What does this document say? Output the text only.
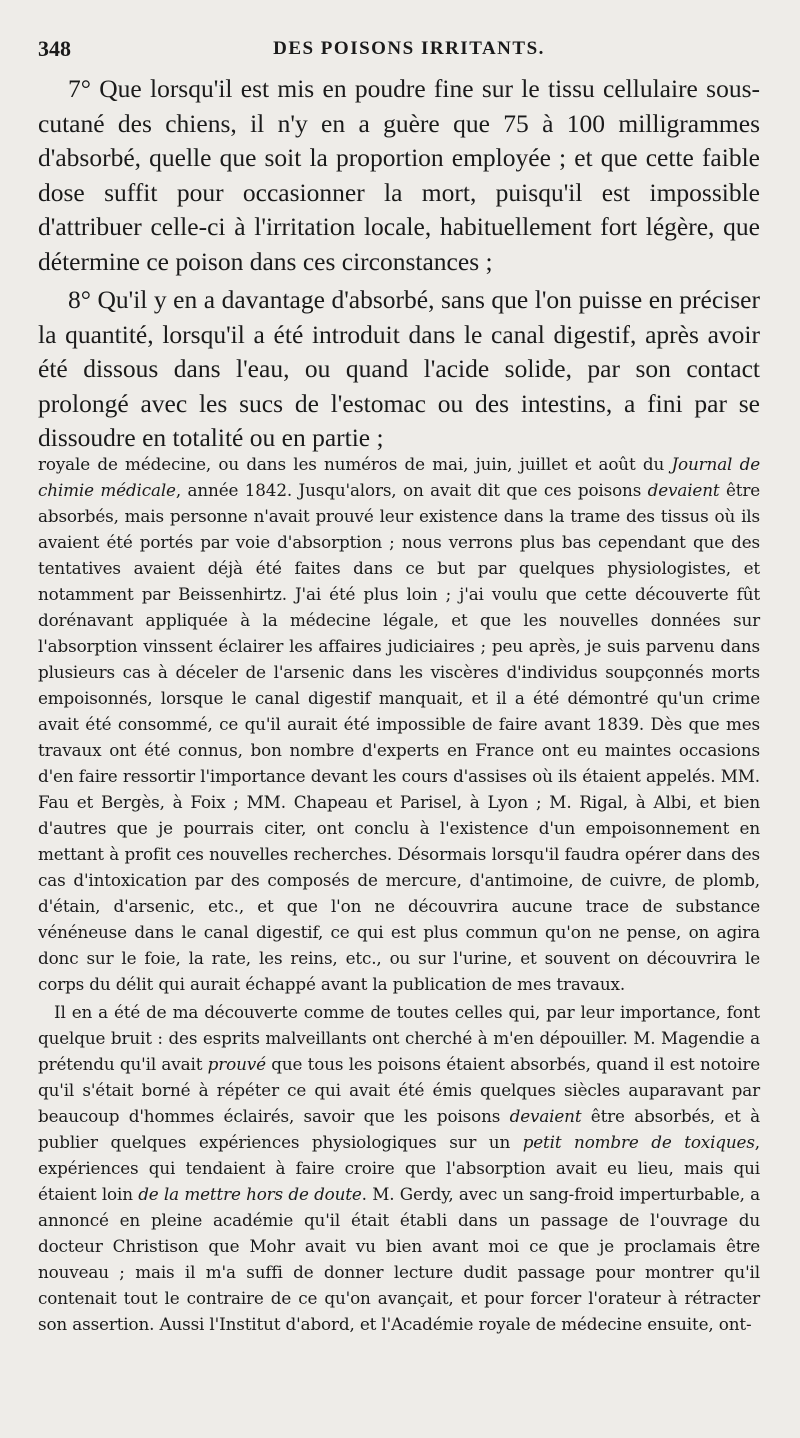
348	DES POISONS IRRITANTS.

7° Que lorsqu'il est mis en poudre fine sur le tissu cellulaire sous-cutané des chiens, il n'y en a guère que 75 à 100 milligrammes d'absorbé, quelle que soit la proportion employée ; et que cette faible dose suffit pour occasionner la mort, puisqu'il est impossible d'attribuer celle-ci à l'irritation locale, habituellement fort légère, que détermine ce poison dans ces circonstances ;

8° Qu'il y en a davantage d'absorbé, sans que l'on puisse en préciser la quantité, lorsqu'il a été introduit dans le canal digestif, après avoir été dissous dans l'eau, ou quand l'acide solide, par son contact prolongé avec les sucs de l'estomac ou des intestins, a fini par se dissoudre en totalité ou en partie ;

royale de médecine, ou dans les numéros de mai, juin, juillet et août du Journal de chimie médicale, année 1842. Jusqu'alors, on avait dit que ces poisons devaient être absorbés, mais personne n'avait prouvé leur existence dans la trame des tissus où ils avaient été portés par voie d'absorption ; nous verrons plus bas cependant que des tentatives avaient déjà été faites dans ce but par quelques physiologistes, et notamment par Beissenhirtz. J'ai été plus loin ; j'ai voulu que cette découverte fût dorénavant appliquée à la médecine légale, et que les nouvelles données sur l'absorption vinssent éclairer les affaires judiciaires ; peu après, je suis parvenu dans plusieurs cas à déceler de l'arsenic dans les viscères d'individus soupçonnés morts empoisonnés, lorsque le canal digestif manquait, et il a été démontré qu'un crime avait été consommé, ce qu'il aurait été impossible de faire avant 1839. Dès que mes travaux ont été connus, bon nombre d'experts en France ont eu maintes occasions d'en faire ressortir l'importance devant les cours d'assises où ils étaient appelés. MM. Fau et Bergès, à Foix ; MM. Chapeau et Parisel, à Lyon ; M. Rigal, à Albi, et bien d'autres que je pourrais citer, ont conclu à l'existence d'un empoisonnement en mettant à profit ces nouvelles recherches. Désormais lorsqu'il faudra opérer dans des cas d'intoxication par des composés de mercure, d'antimoine, de cuivre, de plomb, d'étain, d'arsenic, etc., et que l'on ne découvrira aucune trace de substance vénéneuse dans le canal digestif, ce qui est plus commun qu'on ne pense, on agira donc sur le foie, la rate, les reins, etc., ou sur l'urine, et souvent on découvrira le corps du délit qui aurait échappé avant la publication de mes travaux.

Il en a été de ma découverte comme de toutes celles qui, par leur importance, font quelque bruit : des esprits malveillants ont cherché à m'en dépouiller. M. Magendie a prétendu qu'il avait prouvé que tous les poisons étaient absorbés, quand il est notoire qu'il s'était borné à répéter ce qui avait été émis quelques siècles auparavant par beaucoup d'hommes éclairés, savoir que les poisons devaient être absorbés, et à publier quelques expériences physiologiques sur un petit nombre de toxiques, expériences qui tendaient à faire croire que l'absorption avait eu lieu, mais qui étaient loin de la mettre hors de doute. M. Gerdy, avec un sang-froid imperturbable, a annoncé en pleine académie qu'il était établi dans un passage de l'ouvrage du docteur Christison que Mohr avait vu bien avant moi ce que je proclamais être nouveau ; mais il m'a suffi de donner lecture dudit passage pour montrer qu'il contenait tout le contraire de ce qu'on avançait, et pour forcer l'orateur à rétracter son assertion. Aussi l'Institut d'abord, et l'Académie royale de médecine ensuite, ont-
